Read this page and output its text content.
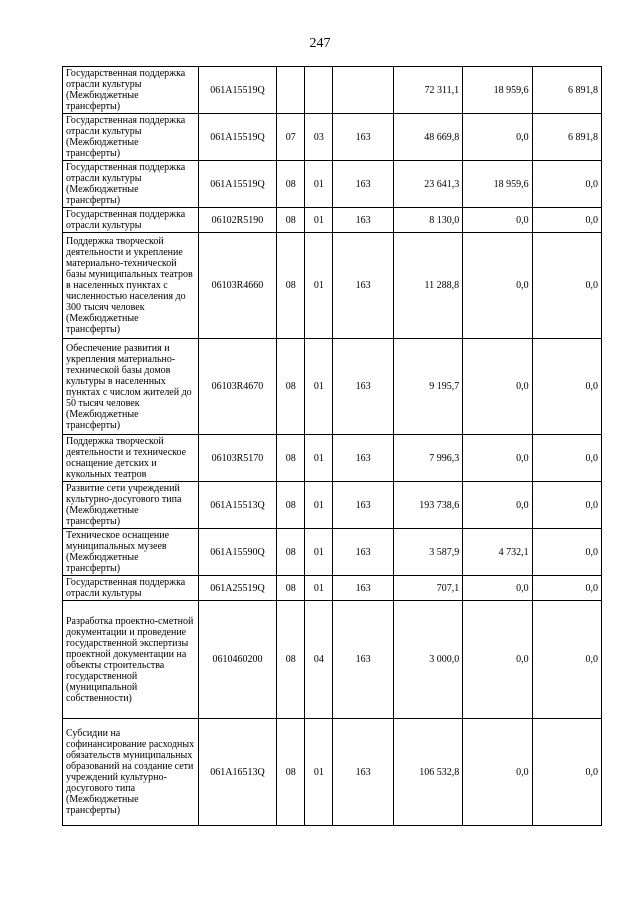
247
Государственная поддержка отрасли культуры (Межбюджетные трансферты)	061A15519Q				72 311,1	18 959,6	6 891,8
Государственная поддержка отрасли культуры (Межбюджетные трансферты)	061A15519Q	07	03	163	48 669,8	0,0	6 891,8
Государственная поддержка отрасли культуры (Межбюджетные трансферты)	061A15519Q	08	01	163	23 641,3	18 959,6	0,0
Государственная поддержка отрасли культуры	06102R5190	08	01	163	8 130,0	0,0	0,0
Поддержка творческой деятельности и укрепление материально-технической базы муниципальных театров в населенных пунктах с численностью населения до 300 тысяч человек (Межбюджетные трансферты)	06103R4660	08	01	163	11 288,8	0,0	0,0
Обеспечение развития и укрепления материально-технической базы домов культуры в населенных пунктах с числом жителей до 50 тысяч человек (Межбюджетные трансферты)	06103R4670	08	01	163	9 195,7	0,0	0,0
Поддержка творческой деятельности и техническое оснащение детских и кукольных театров	06103R5170	08	01	163	7 996,3	0,0	0,0
Развитие сети учреждений культурно-досугового типа (Межбюджетные трансферты)	061A15513Q	08	01	163	193 738,6	0,0	0,0
Техническое оснащение муниципальных музеев (Межбюджетные трансферты)	061A15590Q	08	01	163	3 587,9	4 732,1	0,0
Государственная поддержка отрасли культуры	061A25519Q	08	01	163	707,1	0,0	0,0
Разработка проектно-сметной документации и проведение государственной экспертизы проектной документации на объекты строительства государственной (муниципальной собственности)	0610460200	08	04	163	3 000,0	0,0	0,0
Субсидии на софинансирование расходных обязательств муниципальных образований на создание сети учреждений культурно-досугового типа (Межбюджетные трансферты)	061A16513Q	08	01	163	106 532,8	0,0	0,0
